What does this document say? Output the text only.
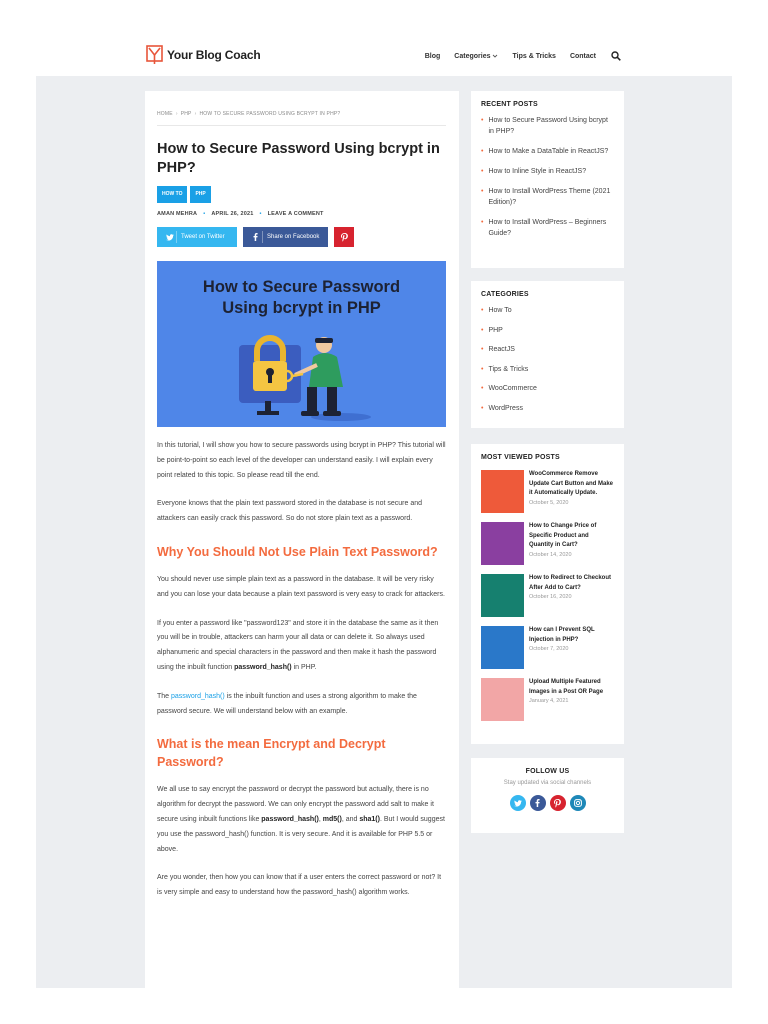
Your Blog Coach	Blog Categories	Tips & Tricks Contact
HOME › PHP › HOW TO SECURE PASSWORD USING BCRYPT IN PHP?
How to Secure Password Using bcrypt in PHP?
HOW TO	PHP
AMAN MEHRA • APRIL 26, 2021 • LEAVE A COMMENT
Tweet on Twitter	Share on Facebook
How to Secure Password
Using bcrypt in PHP
In this tutorial, I will show you how to secure passwords using bcrypt in PHP? This tutorial will be point-to-point so each level of the developer can understand easily. I will explain every point related to this topic. So please read till the end.
Everyone knows that the plain text password stored in the database is not secure and attackers can easily crack this password. So do not store plain text as a password.
Why You Should Not Use Plain Text Password?
You should never use simple plain text as a password in the database. It will be very risky and you can lose your data because a plain text password is very easy to crack for attackers.
If you enter a password like "password123" and store it in the database the same as it then you will be in trouble, attackers can harm your all data or can delete it. So always used alphanumeric and special characters in the password and then make it hash the password using the inbuilt function password_hash() in PHP.
The password_hash() is the inbuilt function and uses a strong algorithm to make the password secure. We will understand below with an example.
What is the mean Encrypt and Decrypt Password?
We all use to say encrypt the password or decrypt the password but actually, there is no algorithm for decrypt the password. We can only encrypt the password add salt to make it secure using inbuilt functions like password_hash(), md5(), and sha1(). But I would suggest you use the password_hash() function. It is very secure. And it is available for PHP 5.5 or above.
Are you wonder, then how you can know that if a user enters the correct password or not? It is very simple and easy to understand how the password_hash() algorithm works.
RECENT POSTS
• How to Secure Password Using bcrypt in PHP?
• How to Make a DataTable in ReactJS?
• How to Inline Style in ReactJS?
• How to Install WordPress Theme (2021 Edition)?
• How to Install WordPress – Beginners Guide?
CATEGORIES
• How To
• PHP
• ReactJS
• Tips & Tricks
• WooCommerce
• WordPress
MOST VIEWED POSTS
WooCommerce Remove Update Cart Button and Make it Automatically Update.
October 5, 2020
How to Change Price of Specific Product and Quantity in Cart?
October 14, 2020
How to Redirect to Checkout After Add to Cart?
October 16, 2020
How can I Prevent SQL Injection in PHP?
October 7, 2020
Upload Multiple Featured Images in a Post OR Page
January 4, 2021
FOLLOW US
Stay updated via social channels
